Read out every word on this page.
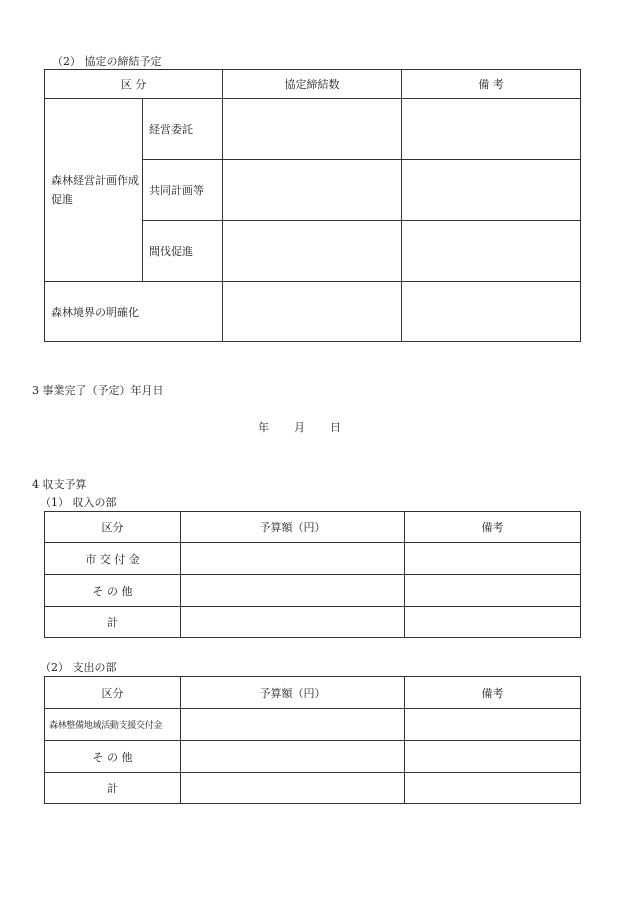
（2） 協定の締結予定
区 分		協定締結数	備 考
森林経営計画作成促進	経営委託		
	共同計画等		
	間伐促進		
森林境界の明確化			
3 事業完了（予定）年月日
年 月 日
4 収支予算
（1） 収入の部
区分	予算額（円）	備考
市 交 付 金		
そ の 他		
計		
（2） 支出の部
区分	予算額（円）	備考
森林整備地域活動支援交付金		
そ の 他		
計		
